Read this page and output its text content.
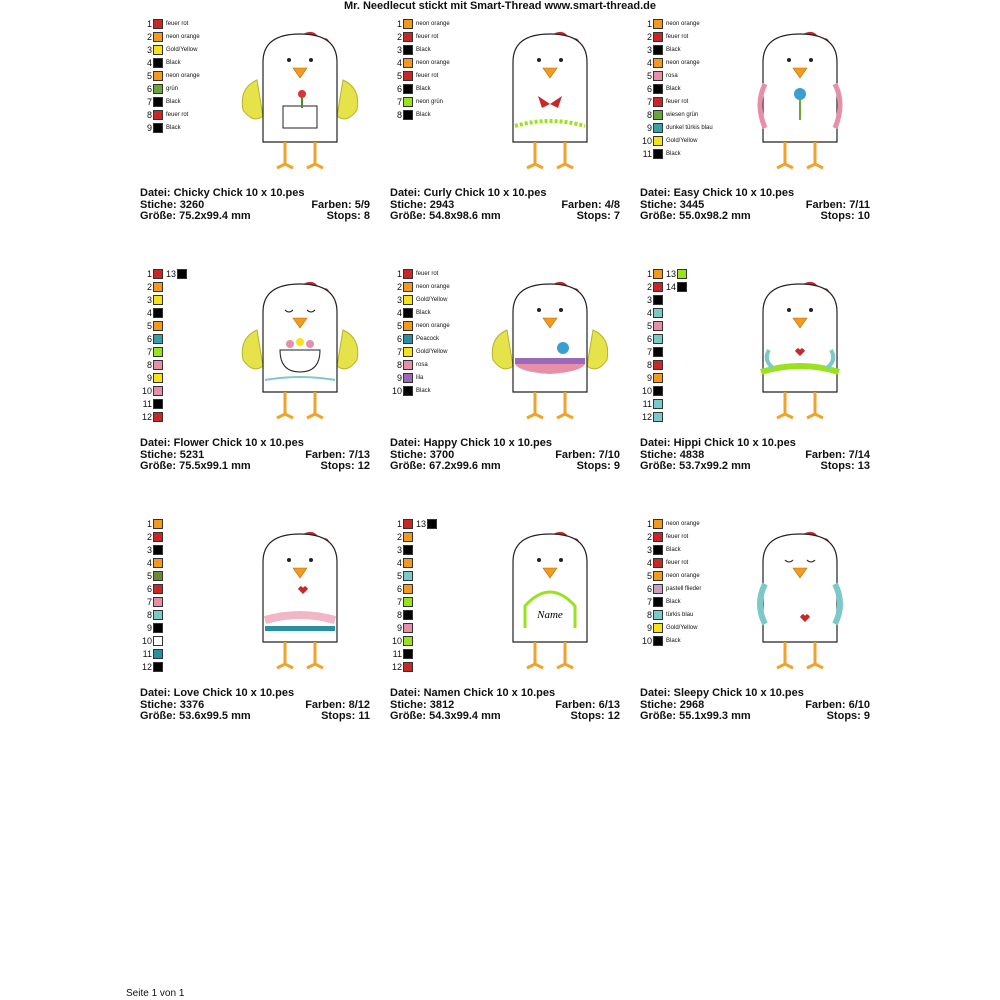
Mr. Needlecut stickt mit Smart-Thread www.smart-thread.de
1 feuer rot
2 neon orange
3 Gold/Yellow
4 Black
5 neon orange
6 grün
7 Black
8 feuer rot
9 Black
Datei: Chicky Chick 10 x 10.pes
Stiche: 3260	Farben: 5/9
Größe: 75.2x99.4 mm	Stops: 8
1 neon orange
2 feuer rot
3 Black
4 neon orange
5 feuer rot
6 Black
7 neon grün
8 Black
Datei: Curly Chick 10 x 10.pes
Stiche: 2943	Farben: 4/8
Größe: 54.8x98.6 mm	Stops: 7
1 neon orange
2 feuer rot
3 Black
4 neon orange
5 rosa
6 Black
7 feuer rot
8 wiesen grün
9 dunkel türkis blau
10 Gold/Yellow
11 Black
Datei: Easy Chick 10 x 10.pes
Stiche: 3445	Farben: 7/11
Größe: 55.0x98.2 mm	Stops: 10
1 13
2
3
4
5
6
7
8
9
10
11
12
Datei: Flower Chick 10 x 10.pes
Stiche: 5231	Farben: 7/13
Größe: 75.5x99.1 mm	Stops: 12
1 feuer rot
2 neon orange
3 Gold/Yellow
4 Black
5 neon orange
6 Peacock
7 Gold/Yellow
8 rosa
9 lila
10 Black
Datei: Happy Chick 10 x 10.pes
Stiche: 3700	Farben: 7/10
Größe: 67.2x99.6 mm	Stops: 9
1 13
2 14
3
4
5
6
7
8
9
10
11
12
Datei: Hippi Chick 10 x 10.pes
Stiche: 4838	Farben: 7/14
Größe: 53.7x99.2 mm	Stops: 13
1
2
3
4
5
6
7
8
9
10
11
12
Datei: Love Chick 10 x 10.pes
Stiche: 3376	Farben: 8/12
Größe: 53.6x99.5 mm	Stops: 11
1 13
2
3
4
5
6
7
8
9
10
11
12
Name
Datei: Namen Chick 10 x 10.pes
Stiche: 3812	Farben: 6/13
Größe: 54.3x99.4 mm	Stops: 12
1 neon orange
2 feuer rot
3 Black
4 feuer rot
5 neon orange
6 pastell flieder
7 Black
8 türkis blau
9 Gold/Yellow
10 Black
Datei: Sleepy Chick 10 x 10.pes
Stiche: 2968	Farben: 6/10
Größe: 55.1x99.3 mm	Stops: 9
Seite 1 von 1
